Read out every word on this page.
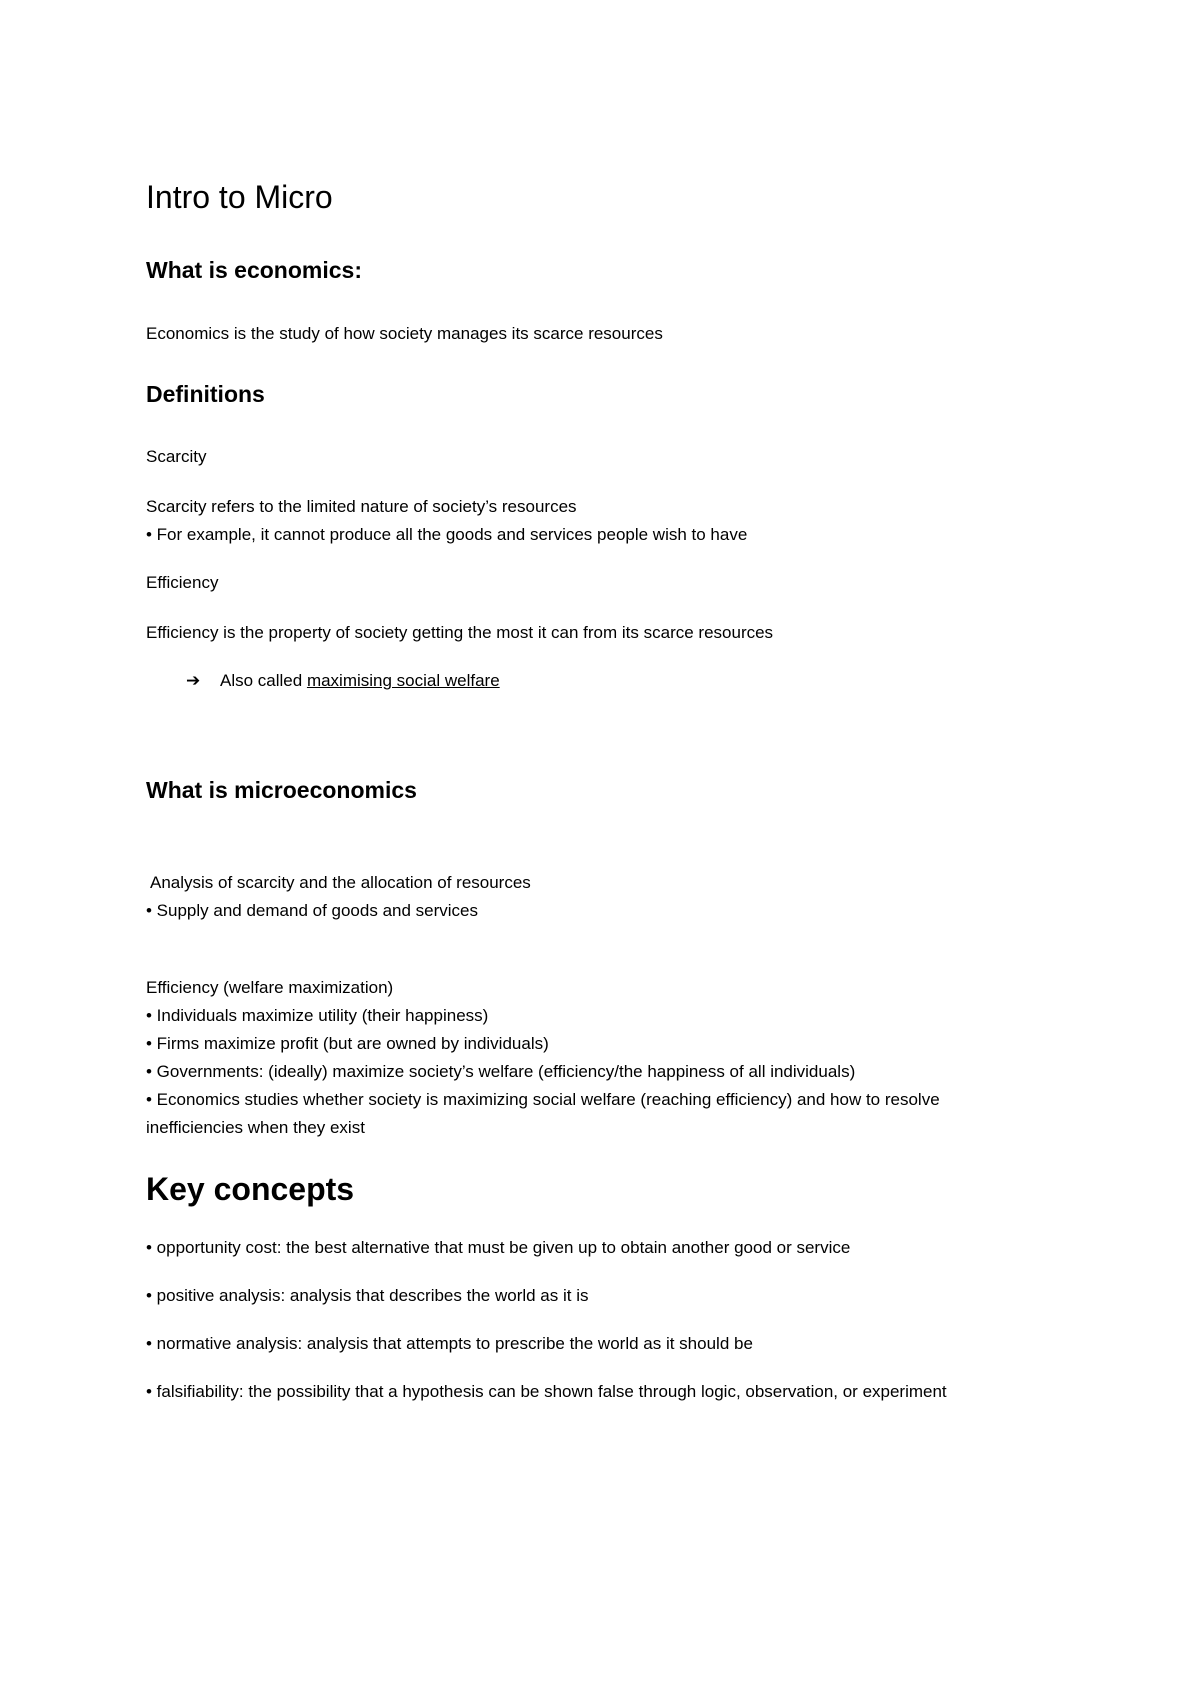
Intro to Micro
What is economics:
Economics is the study of how society manages its scarce resources
Definitions
Scarcity
Scarcity refers to the limited nature of society’s resources
• For example, it cannot produce all the goods and services people wish to have
Efficiency
Efficiency is the property of society getting the most it can from its scarce resources
➔ Also called maximising social welfare
What is microeconomics
Analysis of scarcity and the allocation of resources
• Supply and demand of goods and services
Efficiency (welfare maximization)
• Individuals maximize utility (their happiness)
• Firms maximize profit (but are owned by individuals)
• Governments: (ideally) maximize society’s welfare (efficiency/the happiness of all individuals)
• Economics studies whether society is maximizing social welfare (reaching efficiency) and how to resolve
inefficiencies when they exist
Key concepts
• opportunity cost: the best alternative that must be given up to obtain another good or service
• positive analysis: analysis that describes the world as it is
• normative analysis: analysis that attempts to prescribe the world as it should be
• falsifiability: the possibility that a hypothesis can be shown false through logic, observation, or experiment
